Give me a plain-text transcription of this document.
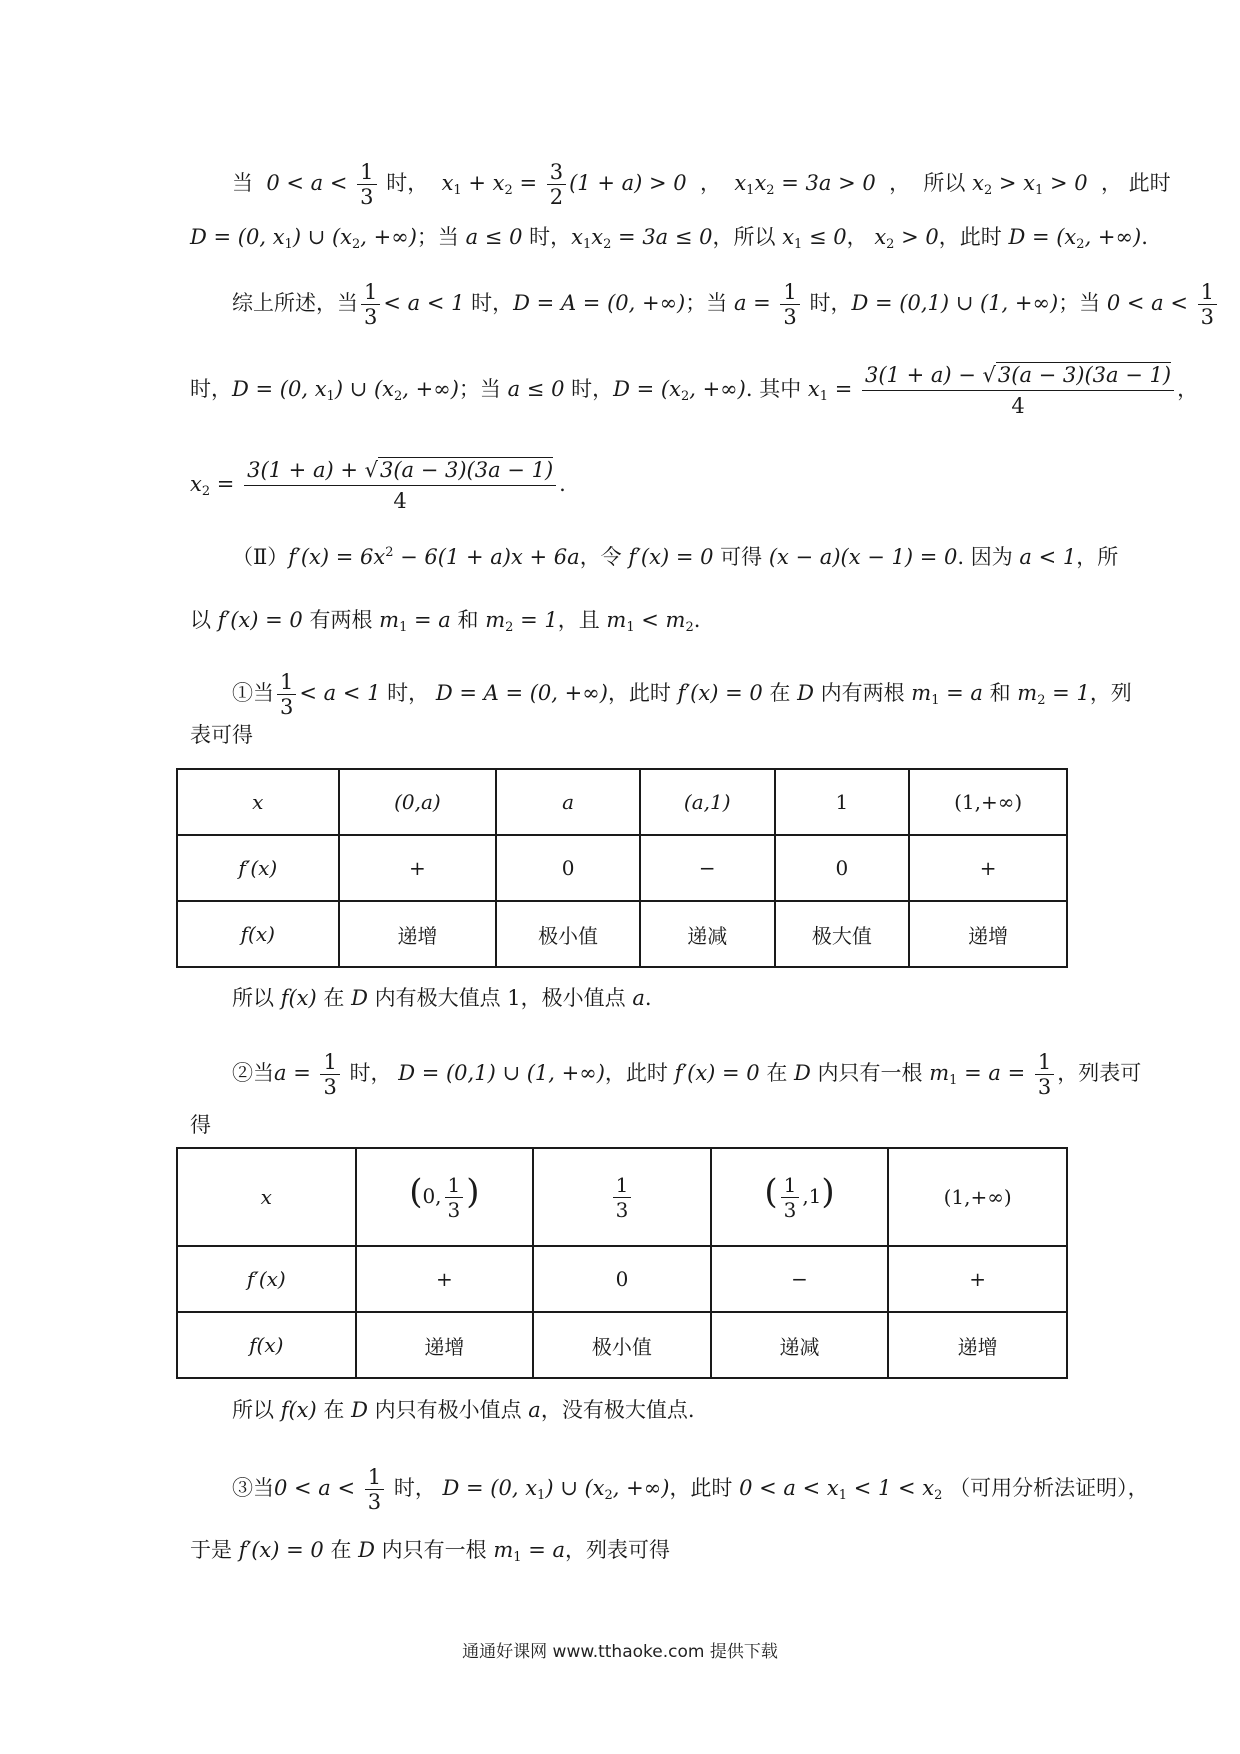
当 $0 < a < \frac{1}{3}$ 时，  $x_1 + x_2 = \frac{3}{2} (1 + a) > 0$  ，  $x_1x_2 = 3a > 0$  ，  所以 $x_2 > x_1 > 0$  ， 此时
D = (0, $x_1$) ∪ ($x_2$, +∞)；当 a ≤ 0 时，$x_1x_2 = 3a \le 0$，所以 $x_1 \le 0$， $x_2 > 0$，此时 $D = (x_2$, +∞).
综上所述，当 $\frac{1}{3} < a < 1$ 时，D = A = (0, +∞)；当 $a = \frac{1}{3}$ 时，D = (0,1) ∪ (1, +∞)；当 $0 < a < \frac{1}{3}$
时，D = (0, $x_1$) ∪ ($x_2$, +∞)；当 a ≤ 0 时，$D = (x_2$, +∞). 其中 $x_1 = \frac{3(1 + a) - √3(a - 3)(3a - 1)}{4}$ ，
$x_2 = \frac{3(1 + a) + √3(a - 3)(3a - 1)}{4}$ .
（Ⅱ）f′(x) = $6x^2 - 6(1 + a)x + 6a$，令 f′(x) = 0 可得 (x − a)(x − 1) = 0. 因为 a < 1，所
以 f′(x) = 0 有两根 $m_1 = a$ 和 $m_2 = 1$，且 $m_1 < m_2$.
①当 $\frac{1}{3} < a < 1$ 时， D = A = (0, +∞)，此时 f′(x) = 0 在 D 内有两根 $m_1 = a$ 和 $m_2 = 1$，列
表可得
x	(0,a)	a	(a,1)	1	(1,+∞)
f′(x)	+	0	−	0	+
f(x)	递增	极小值	递减	极大值	递增
所以 f(x) 在 D 内有极大值点 1，极小值点 a.
②当$a = \frac{1}{3}$ 时， D = (0,1) ∪ (1, +∞)，此时 f′(x) = 0 在 D 内只有一根 $m_1 = a = \frac{1}{3}$ ，列表可
得
x	(0, $\frac{1}{3}$ )	$\frac{1}{3}$	( $\frac{1}{3} ,1$)	(1,+∞)
f′(x)	+	0	−	+
f(x)	递增	极小值	递减	递增
所以 f(x) 在 D 内只有极小值点 a，没有极大值点.
③当$0 < a < \frac{1}{3}$ 时， D = (0, $x_1$) ∪ ($x_2$, +∞)，此时 $0 < a < x_1 < 1 < x_2$ （可用分析法证明），
于是 f′(x) = 0 在 D 内只有一根 $m_1 = a$，列表可得
通通好课网 www.tthaoke.com 提供下载
